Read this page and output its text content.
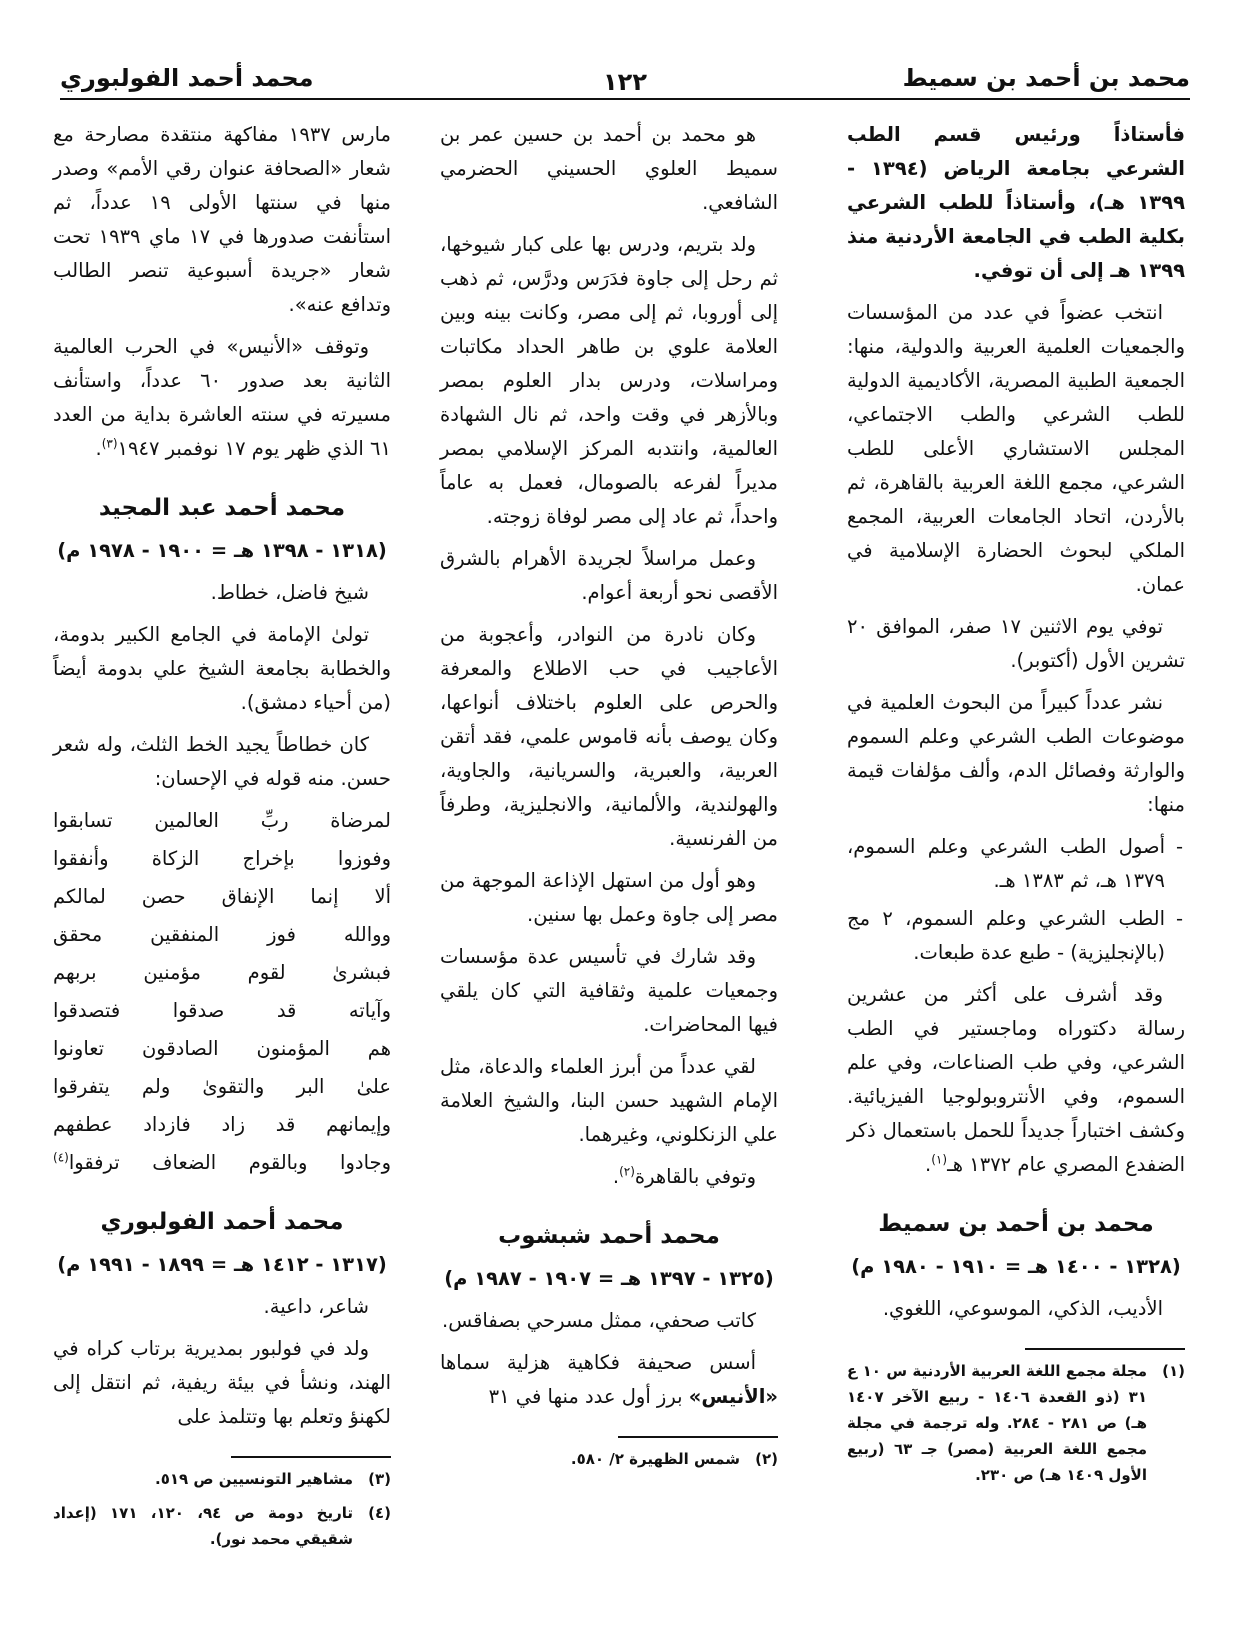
محمد بن أحمد بن سميط
١٢٢
محمد أحمد الفولبوري

فأستاذاً ورئيس قسم الطب الشرعي بجامعة الرياض (١٣٩٤ - ١٣٩٩ هـ)، وأستاذاً للطب الشرعي بكلية الطب في الجامعة الأردنية منذ ١٣٩٩ هـ إلى أن توفي.

انتخب عضواً في عدد من المؤسسات والجمعيات العلمية العربية والدولية، منها: الجمعية الطبية المصرية، الأكاديمية الدولية للطب الشرعي والطب الاجتماعي، المجلس الاستشاري الأعلى للطب الشرعي، مجمع اللغة العربية بالقاهرة، ثم بالأردن، اتحاد الجامعات العربية، المجمع الملكي لبحوث الحضارة الإسلامية في عمان.

توفي يوم الاثنين ١٧ صفر، الموافق ٢٠ تشرين الأول (أكتوبر).

نشر عدداً كبيراً من البحوث العلمية في موضوعات الطب الشرعي وعلم السموم والوارثة وفصائل الدم، وألف مؤلفات قيمة منها:

- أصول الطب الشرعي وعلم السموم، ١٣٧٩ هـ، ثم ١٣٨٣ هـ.
- الطب الشرعي وعلم السموم، ٢ مج (بالإنجليزية) - طبع عدة طبعات.

وقد أشرف على أكثر من عشرين رسالة دكتوراه وماجستير في الطب الشرعي، وفي طب الصناعات، وفي علم السموم، وفي الأنتروبولوجيا الفيزيائية. وكشف اختباراً جديداً للحمل باستعمال ذكر الضفدع المصري عام ١٣٧٢ هـ$^{(١)}$.

محمد بن أحمد بن سميط
(١٣٢٨ - ١٤٠٠ هـ = ١٩١٠ - ١٩٨٠ م)

الأديب، الذكي، الموسوعي، اللغوي.

(١)
مجلة مجمع اللغة العربية الأردنية س ١٠ ع ٣١ (ذو القعدة ١٤٠٦ - ربيع الآخر ١٤٠٧ هـ) ص ٢٨١ - ٢٨٤. وله ترجمة في مجلة مجمع اللغة العربية (مصر) جـ ٦٣ (ربيع الأول ١٤٠٩ هـ) ص ٢٣٠.

هو محمد بن أحمد بن حسين عمر بن سميط العلوي الحسيني الحضرمي الشافعي.

ولد بتريم، ودرس بها على كبار شيوخها، ثم رحل إلى جاوة فدَرَس ودرَّس، ثم ذهب إلى أوروبا، ثم إلى مصر، وكانت بينه وبين العلامة علوي بن طاهر الحداد مكاتبات ومراسلات، ودرس بدار العلوم بمصر وبالأزهر في وقت واحد، ثم نال الشهادة العالمية، وانتدبه المركز الإسلامي بمصر مديراً لفرعه بالصومال، فعمل به عاماً واحداً، ثم عاد إلى مصر لوفاة زوجته.

وعمل مراسلاً لجريدة الأهرام بالشرق الأقصى نحو أربعة أعوام.

وكان نادرة من النوادر، وأعجوبة من الأعاجيب في حب الاطلاع والمعرفة والحرص على العلوم باختلاف أنواعها، وكان يوصف بأنه قاموس علمي، فقد أتقن العربية، والعبرية، والسريانية، والجاوية، والهولندية، والألمانية، والانجليزية، وطرفاً من الفرنسية.

وهو أول من استهل الإذاعة الموجهة من مصر إلى جاوة وعمل بها سنين.

وقد شارك في تأسيس عدة مؤسسات وجمعيات علمية وثقافية التي كان يلقي فيها المحاضرات.

لقي عدداً من أبرز العلماء والدعاة، مثل الإمام الشهيد حسن البنا، والشيخ العلامة علي الزنكلوني، وغيرهما.

وتوفي بالقاهرة$^{(٢)}$.

محمد أحمد شبشوب
(١٣٢٥ - ١٣٩٧ هـ = ١٩٠٧ - ١٩٨٧ م)

كاتب صحفي، ممثل مسرحي بصفاقس.

أسس صحيفة فكاهية هزلية سماها «الأنيس» برز أول عدد منها في ٣١

(٢)
شمس الظهيرة ٢/ ٥٨٠.

مارس ١٩٣٧ مفاكهة منتقدة مصارحة مع شعار «الصحافة عنوان رقي الأمم» وصدر منها في سنتها الأولى ١٩ عدداً، ثم استأنفت صدورها في ١٧ ماي ١٩٣٩ تحت شعار «جريدة أسبوعية تنصر الطالب وتدافع عنه».

وتوقف «الأنيس» في الحرب العالمية الثانية بعد صدور ٦٠ عدداً، واستأنف مسيرته في سنته العاشرة بداية من العدد ٦١ الذي ظهر يوم ١٧ نوفمبر ١٩٤٧$^{(٣)}$.

محمد أحمد عبد المجيد
(١٣١٨ - ١٣٩٨ هـ = ١٩٠٠ - ١٩٧٨ م)

شيخ فاضل، خطاط.

تولىٰ الإمامة في الجامع الكبير بدومة، والخطابة بجامعة الشيخ علي بدومة أيضاً (من أحياء دمشق).

كان خطاطاً يجيد الخط الثلث، وله شعر حسن. منه قوله في الإحسان:

لمرضاة ربِّ العالمين تسابقوا
وفوزوا بإخراج الزكاة وأنفقوا
ألا إنما الإنفاق حصن لمالكم
ووالله فوز المنفقين محقق
فبشرىٰ لقوم مؤمنين بربهم
وآياته قد صدقوا فتصدقوا
هم المؤمنون الصادقون تعاونوا
علىٰ البر والتقوىٰ ولم يتفرقوا
وإيمانهم قد زاد فازداد عطفهم
وجادوا وبالقوم الضعاف ترفقوا$^{(٤)}$
محمد أحمد الفولبوري
(١٣١٧ - ١٤١٢ هـ = ١٨٩٩ - ١٩٩١ م)

شاعر، داعية.

ولد في فولبور بمديرية برتاب كراه في الهند، ونشأ في بيئة ريفية، ثم انتقل إلى لكهنؤ وتعلم بها وتتلمذ على

(٣)
مشاهير التونسيين ص ٥١٩.

(٤)
تاريخ دومة ص ٩٤، ١٢٠، ١٧١ (إعداد شقيقي محمد نور).
